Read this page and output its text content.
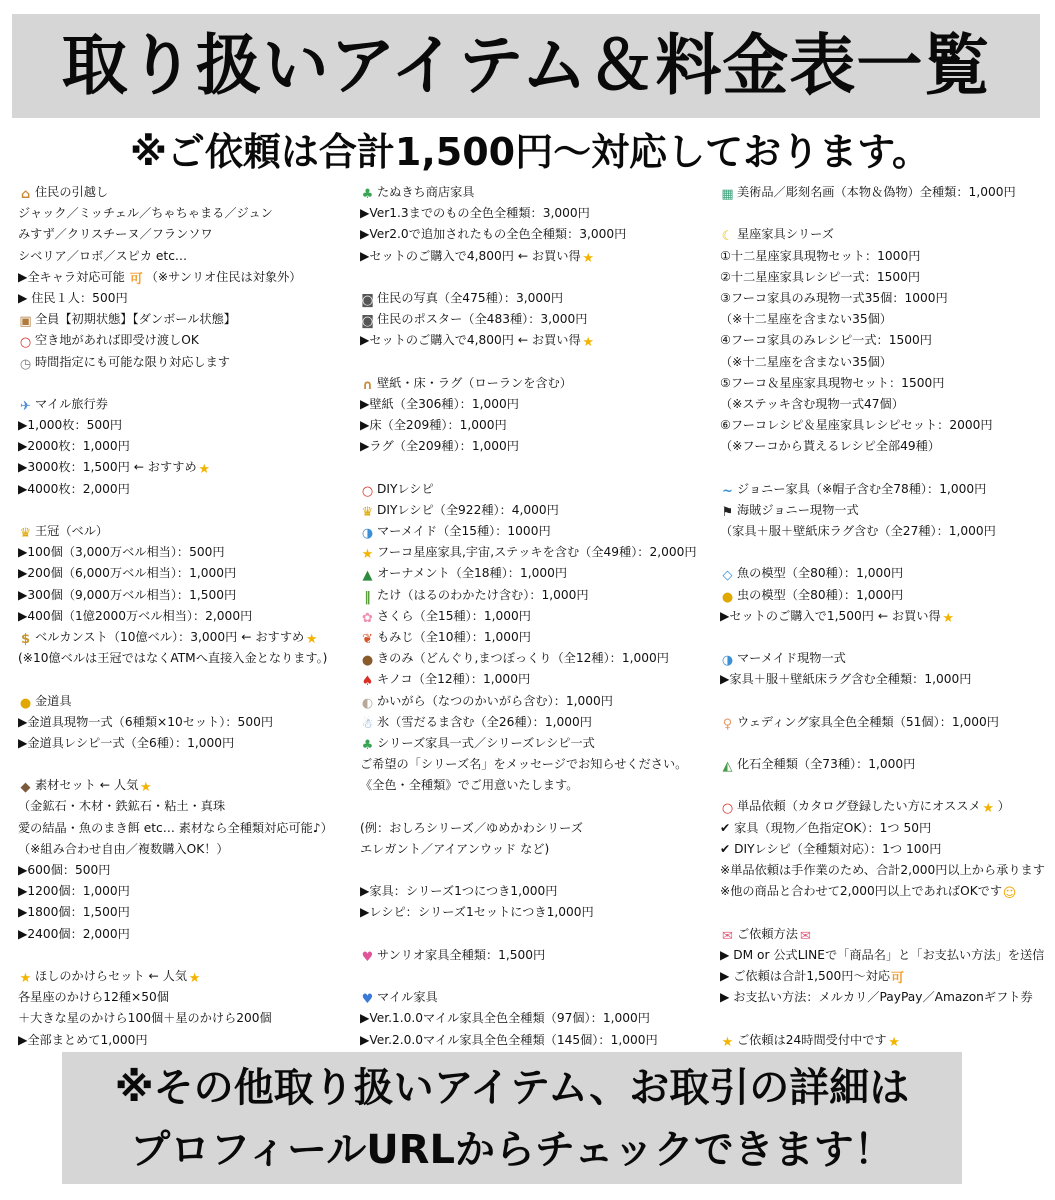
取り扱いアイテム＆料金表一覧
※ご依頼は合計1,500円〜対応しております。
⌂ 住民の引越し
ジャック／ミッチェル／ちゃちゃまる／ジュン
みすず／クリスチーヌ／フランソワ
シベリア／ロボ／スピカ etc…
▶全キャラ対応可能 可 （※サンリオ住民は対象外）
▶ 住民１人：500円
▣ 全員【初期状態】【ダンボール状態】
○ 空き地があれば即受け渡しOK
◷ 時間指定にも可能な限り対応します
✈ マイル旅行券
▶1,000枚：500円
▶2000枚：1,000円
▶3000枚：1,500円 ← おすすめ ★
▶4000枚：2,000円
♛ 王冠（ベル）
▶100個（3,000万ベル相当）：500円
▶200個（6,000万ベル相当）：1,000円
▶300個（9,000万ベル相当）：1,500円
▶400個（1億2000万ベル相当）：2,000円
$ ベルカンスト（10億ベル）：3,000円 ← おすすめ ★
(※10億ベルは王冠ではなくATMへ直接入金となります。)
● 金道具
▶金道具現物一式（6種類×10セット）：500円
▶金道具レシピ一式（全6種）：1,000円
◆ 素材セット ← 人気 ★
（金鉱石・木材・鉄鉱石・粘土・真珠
愛の結晶・魚のまき餌 etc… 素材なら全種類対応可能♪）
（※組み合わせ自由／複数購入OK！）
▶600個：500円
▶1200個：1,000円
▶1800個：1,500円
▶2400個：2,000円
★ ほしのかけらセット ← 人気 ★
各星座のかけら12種×50個
＋大きな星のかけら100個＋星のかけら200個
▶全部まとめて1,000円
♣ たぬきち商店家具
▶Ver1.3までのもの全色全種類：3,000円
▶Ver2.0で追加されたもの全色全種類：3,000円
▶セットのご購入で4,800円 ← お買い得 ★
◙ 住民の写真（全475種）：3,000円
◙ 住民のポスター（全483種）：3,000円
▶セットのご購入で4,800円 ← お買い得 ★
∩ 壁紙・床・ラグ（ローランを含む）
▶壁紙（全306種）：1,000円
▶床（全209種）：1,000円
▶ラグ（全209種）：1,000円
○ DIYレシピ
♛ DIYレシピ（全922種）：4,000円
◑ マーメイド（全15種）：1000円
★ フーコ星座家具,宇宙,ステッキを含む（全49種）：2,000円
▲ オーナメント（全18種）：1,000円
‖ たけ（はるのわかたけ含む）：1,000円
✿ さくら（全15種）：1,000円
❦ もみじ（全10種）：1,000円
● きのみ（どんぐり,まつぼっくり（全12種）：1,000円
♠ キノコ（全12種）：1,000円
◐ かいがら（なつのかいがら含む）：1,000円
☃ 氷（雪だるま含む（全26種）：1,000円
♣ シリーズ家具一式／シリーズレシピ一式
ご希望の「シリーズ名」をメッセージでお知らせください。
《全色・全種類》でご用意いたします。
(例：おしろシリーズ／ゆめかわシリーズ
エレガント／アイアンウッド など)
▶家具：シリーズ1つにつき1,000円
▶レシピ：シリーズ1セットにつき1,000円
♥ サンリオ家具全種類：1,500円
♥ マイル家具
▶Ver.1.0.0マイル家具全色全種類（97個）：1,000円
▶Ver.2.0.0マイル家具全色全種類（145個）：1,000円
▦ 美術品／彫刻名画（本物＆偽物）全種類：1,000円
☾ 星座家具シリーズ
①十二星座家具現物セット：1000円
②十二星座家具レシピ一式：1500円
③フーコ家具のみ現物一式35個：1000円
（※十二星座を含まない35個）
④フーコ家具のみレシピ一式：1500円
（※十二星座を含まない35個）
⑤フーコ＆星座家具現物セット：1500円
（※ステッキ含む現物一式47個）
⑥フーコレシピ＆星座家具レシピセット：2000円
（※フーコから貰えるレシピ全部49種）
~ ジョニー家具（※帽子含む全78種）：1,000円
⚑ 海賊ジョニー現物一式
（家具＋服＋壁紙床ラグ含む（全27種）：1,000円
◇ 魚の模型（全80種）：1,000円
● 虫の模型（全80種）：1,000円
▶セットのご購入で1,500円 ← お買い得 ★
◑ マーメイド現物一式
▶家具＋服＋壁紙床ラグ含む全種類：1,000円
♀ ウェディング家具全色全種類（51個）：1,000円
◭ 化石全種類（全73種）：1,000円
○ 単品依頼（カタログ登録したい方にオススメ ★ ）
✔ 家具（現物／色指定OK）：1つ 50円
✔ DIYレシピ（全種類対応）：1つ 100円
※単品依頼は手作業のため、合計2,000円以上から承ります
※他の商品と合わせて2,000円以上であればOKです☺
✉ ご依頼方法 ✉
▶ DM or 公式LINEで「商品名」と「お支払い方法」を送信
▶ ご依頼は合計1,500円〜対応可
▶ お支払い方法：メルカリ／PayPay／Amazonギフト券
★ ご依頼は24時間受付中です ★
※その他取り扱いアイテム、お取引の詳細は
プロフィールURLからチェックできます！
